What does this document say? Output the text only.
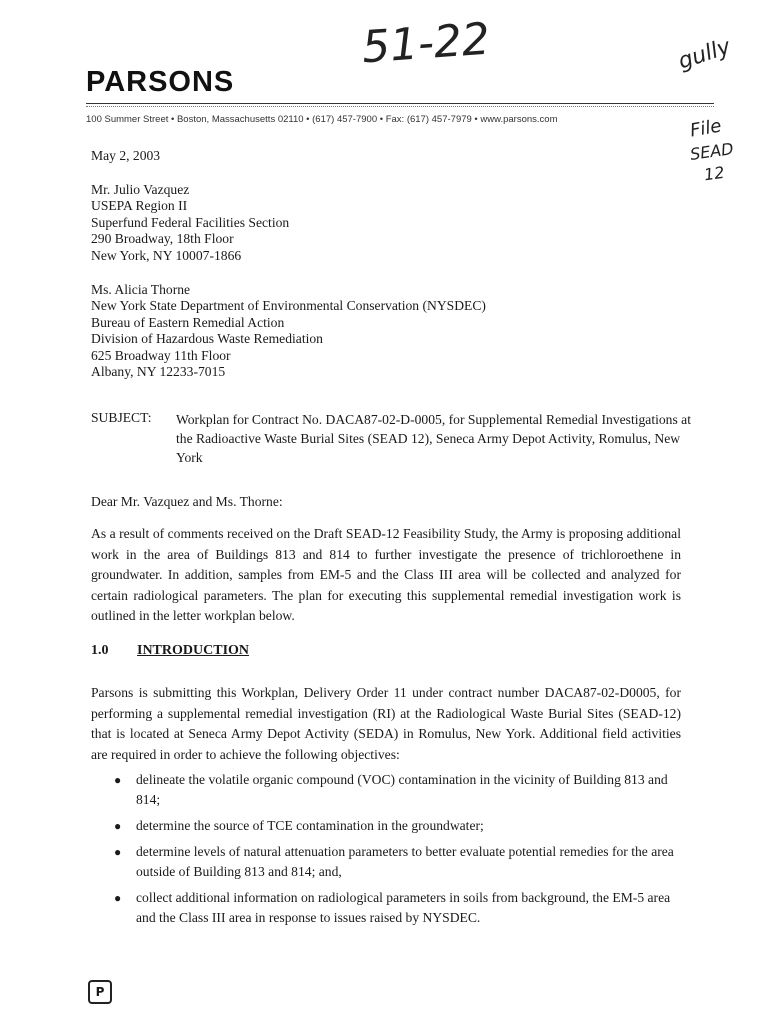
PARSONS
100 Summer Street • Boston, Massachusetts 02110 • (617) 457-7900 • Fax: (617) 457-7979 • www.parsons.com
51-22	gully
File
SEAD
12
May 2, 2003
Mr. Julio Vazquez
USEPA Region II
Superfund Federal Facilities Section
290 Broadway, 18th Floor
New York, NY 10007-1866
Ms. Alicia Thorne
New York State Department of Environmental Conservation (NYSDEC)
Bureau of Eastern Remedial Action
Division of Hazardous Waste Remediation
625 Broadway 11th Floor
Albany, NY 12233-7015
SUBJECT: Workplan for Contract No. DACA87-02-D-0005, for Supplemental Remedial Investigations at the Radioactive Waste Burial Sites (SEAD 12), Seneca Army Depot Activity, Romulus, New York
Dear Mr. Vazquez and Ms. Thorne:
As a result of comments received on the Draft SEAD-12 Feasibility Study, the Army is proposing additional work in the area of Buildings 813 and 814 to further investigate the presence of trichloroethene in groundwater. In addition, samples from EM-5 and the Class III area will be collected and analyzed for certain radiological parameters. The plan for executing this supplemental remedial investigation work is outlined in the letter workplan below.
1.0 INTRODUCTION
Parsons is submitting this Workplan, Delivery Order 11 under contract number DACA87-02-D0005, for performing a supplemental remedial investigation (RI) at the Radiological Waste Burial Sites (SEAD-12) that is located at Seneca Army Depot Activity (SEDA) in Romulus, New York. Additional field activities are required in order to achieve the following objectives:
● delineate the volatile organic compound (VOC) contamination in the vicinity of Building 813 and 814;
● determine the source of TCE contamination in the groundwater;
● determine levels of natural attenuation parameters to better evaluate potential remedies for the area outside of Building 813 and 814; and,
● collect additional information on radiological parameters in soils from background, the EM-5 area and the Class III area in response to issues raised by NYSDEC.
P
